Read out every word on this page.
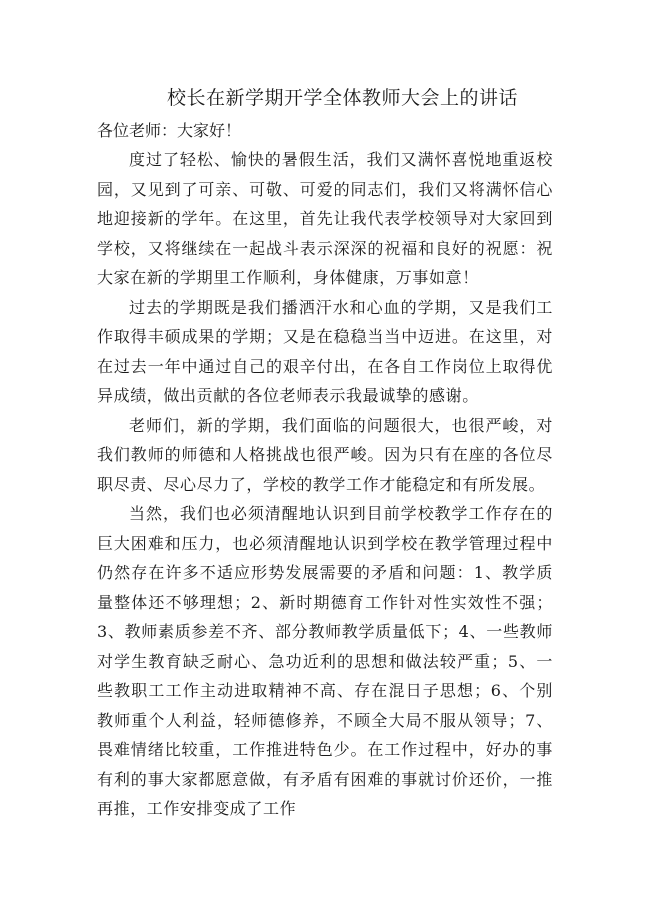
校长在新学期开学全体教师大会上的讲话

各位老师：大家好！

度过了轻松、愉快的暑假生活，我们又满怀喜悦地重返校园，又见到了可亲、可敬、可爱的同志们，我们又将满怀信心地迎接新的学年。在这里，首先让我代表学校领导对大家回到学校，又将继续在一起战斗表示深深的祝福和良好的祝愿：祝大家在新的学期里工作顺利，身体健康，万事如意！

过去的学期既是我们播洒汗水和心血的学期，又是我们工作取得丰硕成果的学期；又是在稳稳当当中迈进。在这里，对在过去一年中通过自己的艰辛付出，在各自工作岗位上取得优异成绩，做出贡献的各位老师表示我最诚挚的感谢。

老师们，新的学期，我们面临的问题很大，也很严峻，对我们教师的师德和人格挑战也很严峻。因为只有在座的各位尽职尽责、尽心尽力了，学校的教学工作才能稳定和有所发展。

当然，我们也必须清醒地认识到目前学校教学工作存在的巨大困难和压力，也必须清醒地认识到学校在教学管理过程中仍然存在许多不适应形势发展需要的矛盾和问题：1、教学质量整体还不够理想；2、新时期德育工作针对性实效性不强；3、教师素质参差不齐、部分教师教学质量低下；4、一些教师对学生教育缺乏耐心、急功近利的思想和做法较严重；5、一些教职工工作主动进取精神不高、存在混日子思想；6、个别教师重个人利益，轻师德修养，不顾全大局不服从领导；7、畏难情绪比较重，工作推进特色少。在工作过程中，好办的事有利的事大家都愿意做，有矛盾有困难的事就讨价还价，一推再推，工作安排变成了工作
